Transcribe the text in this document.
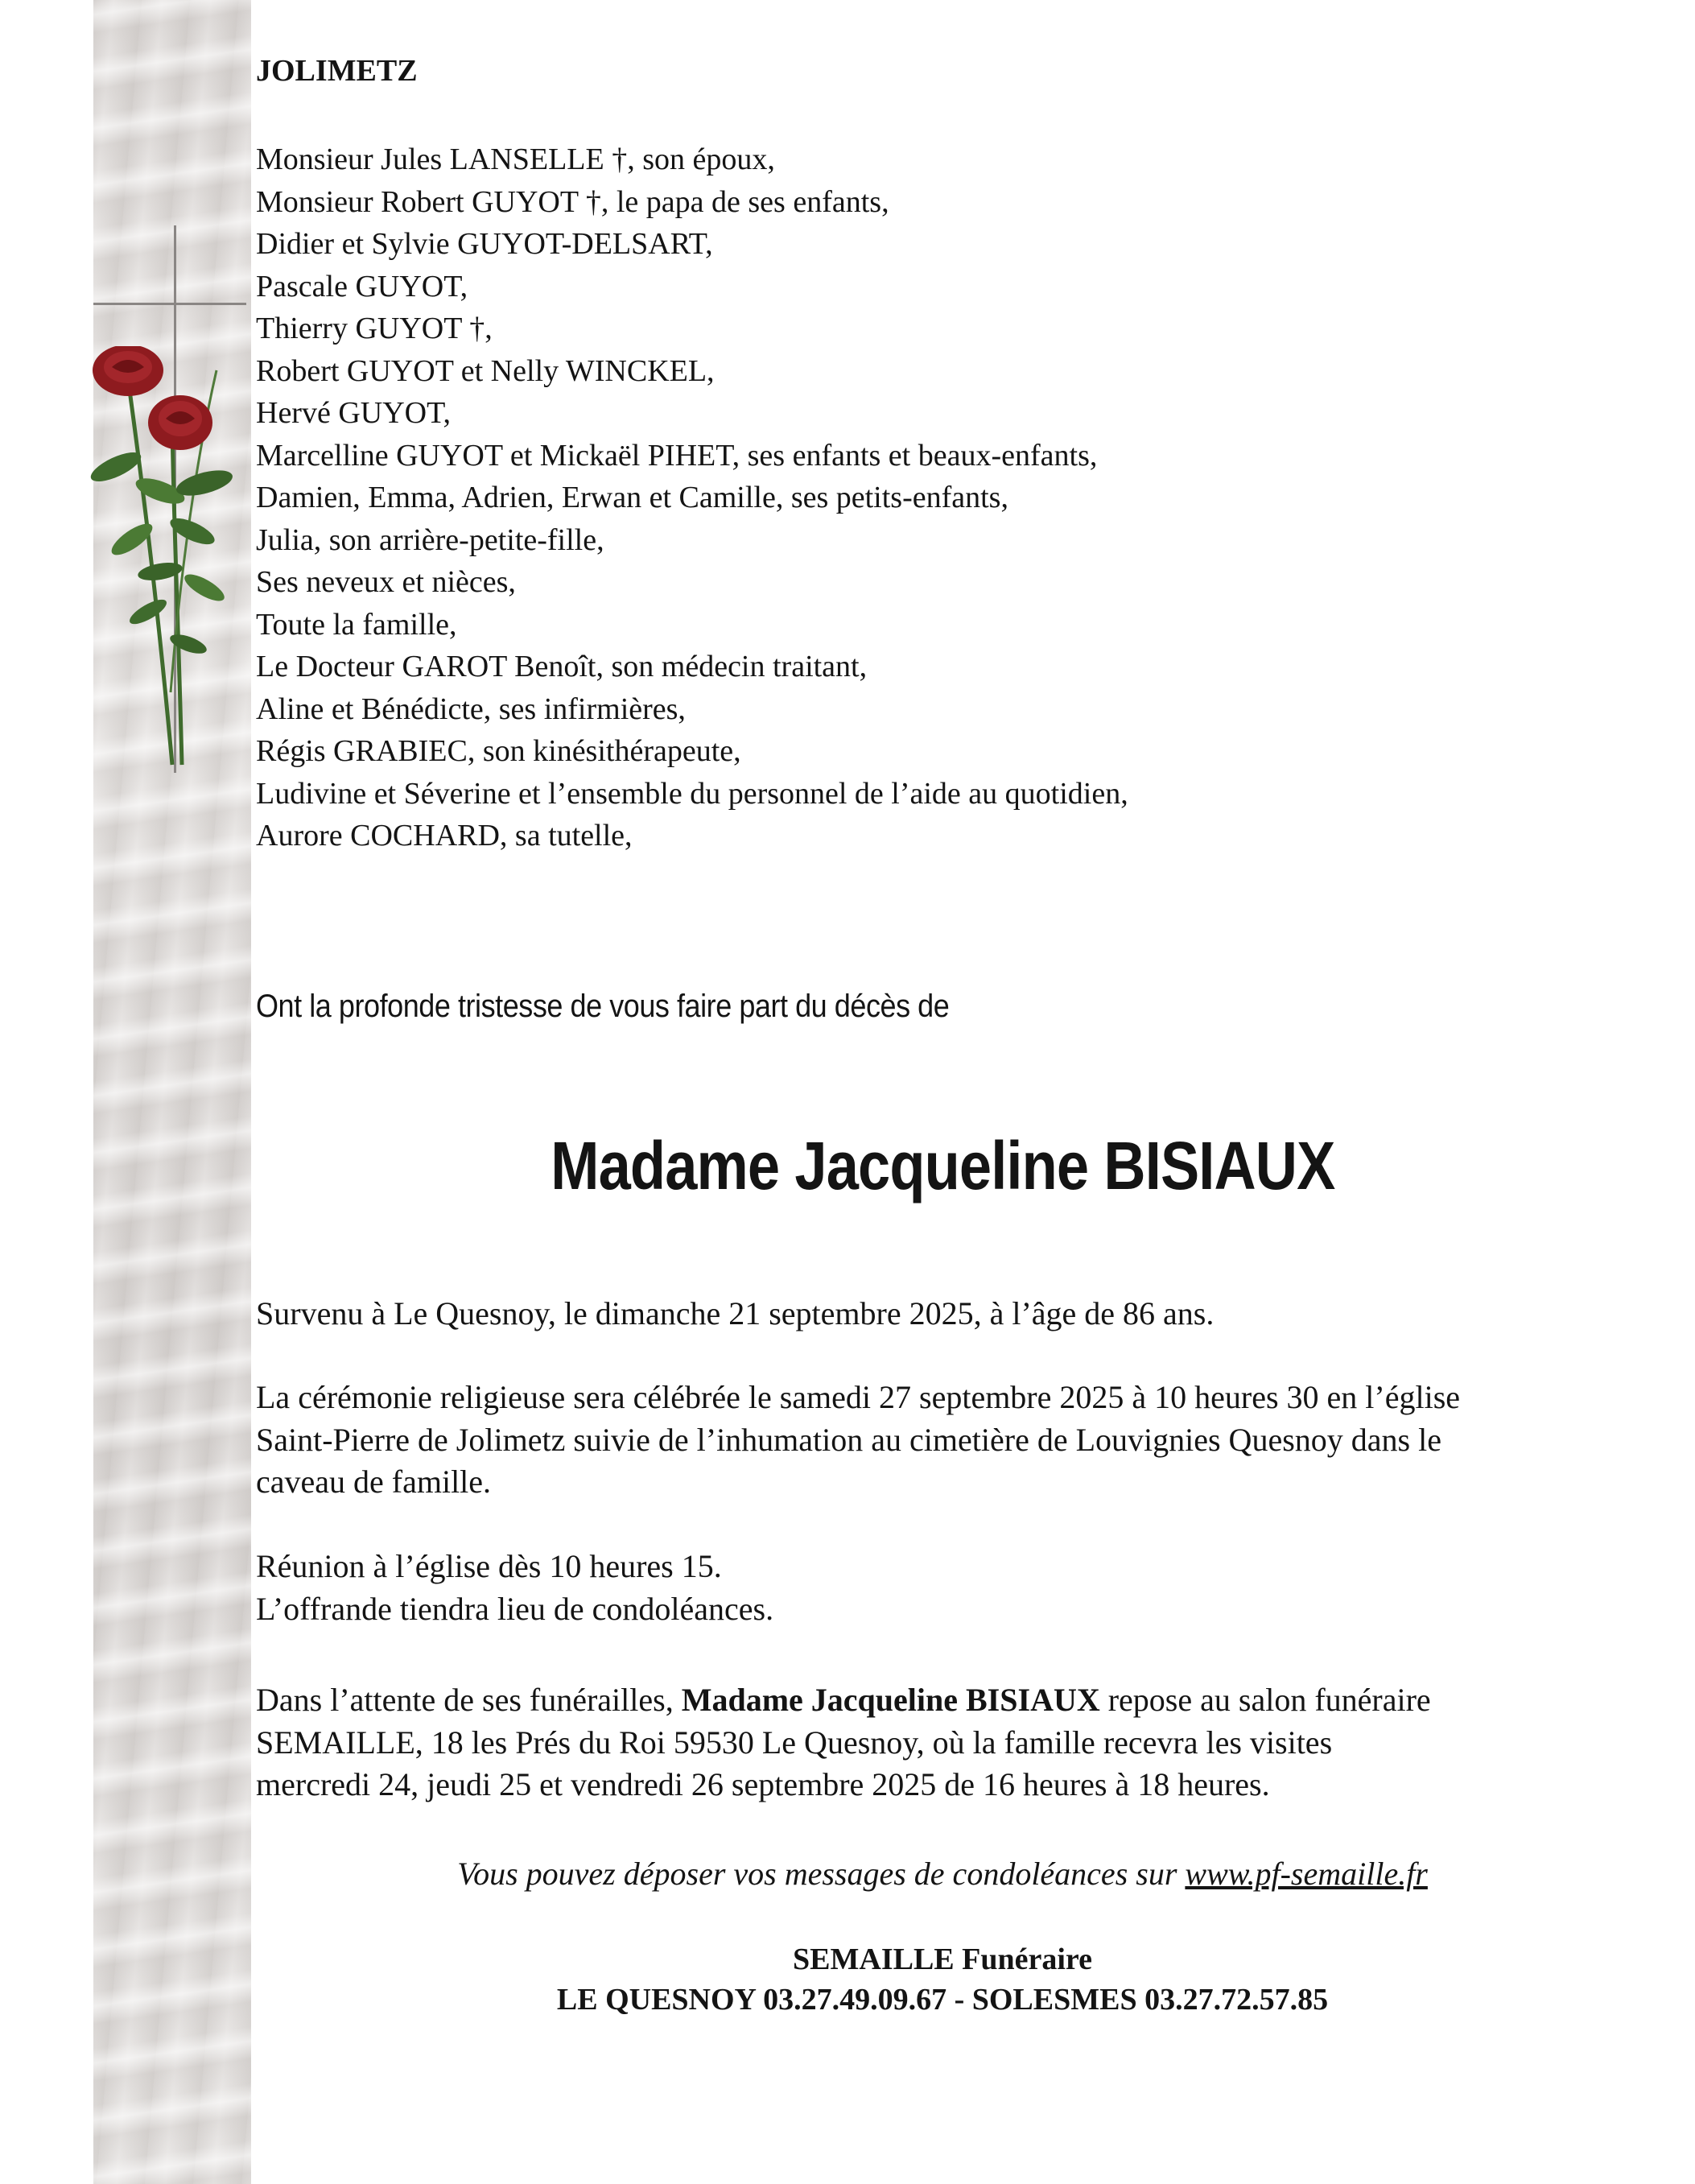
JOLIMETZ
Monsieur Jules LANSELLE †, son époux,
Monsieur Robert GUYOT †, le papa de ses enfants,
Didier et Sylvie GUYOT-DELSART,
Pascale GUYOT,
Thierry GUYOT †,
Robert GUYOT et Nelly WINCKEL,
Hervé GUYOT,
Marcelline GUYOT et Mickaël PIHET, ses enfants et beaux-enfants,
Damien, Emma, Adrien, Erwan et Camille, ses petits-enfants,
Julia, son arrière-petite-fille,
Ses neveux et nièces,
Toute la famille,
Le Docteur GAROT Benoît, son médecin traitant,
Aline et Bénédicte, ses infirmières,
Régis GRABIEC, son kinésithérapeute,
Ludivine et Séverine et l’ensemble du personnel de l’aide au quotidien,
Aurore COCHARD, sa tutelle,
Ont la profonde tristesse de vous faire part du décès de
Madame Jacqueline BISIAUX
Survenu à Le Quesnoy, le dimanche 21 septembre 2025, à l’âge de 86 ans.
La cérémonie religieuse sera célébrée le samedi 27 septembre 2025 à 10 heures 30 en l’église
Saint-Pierre de Jolimetz suivie de l’inhumation au cimetière de Louvignies Quesnoy dans le
caveau de famille.
Réunion à l’église dès 10 heures 15.
L’offrande tiendra lieu de condoléances.
Dans l’attente de ses funérailles, Madame Jacqueline BISIAUX repose au salon funéraire
SEMAILLE, 18 les Prés du Roi 59530 Le Quesnoy, où la famille recevra les visites
mercredi 24, jeudi 25 et vendredi 26 septembre 2025 de 16 heures à 18 heures.
Vous pouvez déposer vos messages de condoléances sur www.pf-semaille.fr
SEMAILLE Funéraire
LE QUESNOY 03.27.49.09.67 - SOLESMES 03.27.72.57.85
